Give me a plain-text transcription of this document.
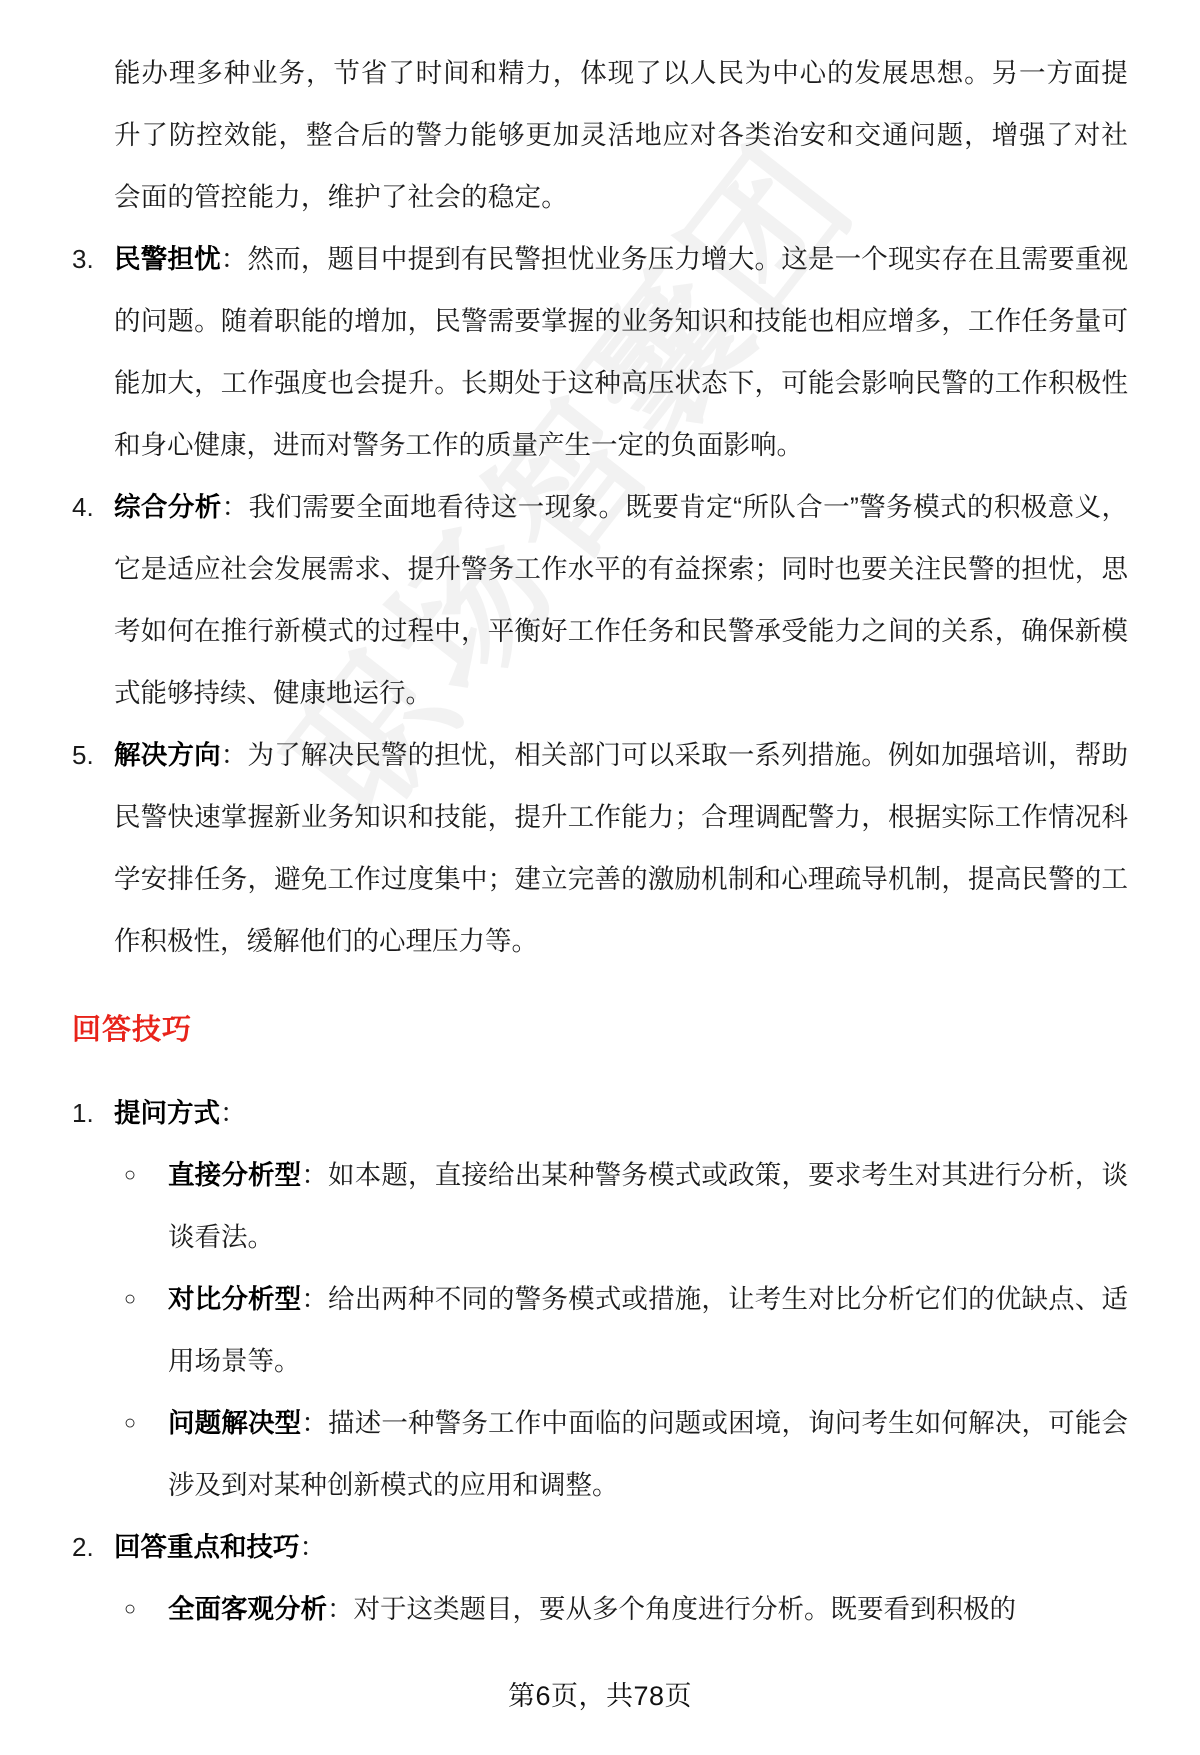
能办理多种业务，节省了时间和精力，体现了以人民为中心的发展思想。另一方面提升了防控效能，整合后的警力能够更加灵活地应对各类治安和交通问题，增强了对社会面的管控能力，维护了社会的稳定。

3. 民警担忧：然而，题目中提到有民警担忧业务压力增大。这是一个现实存在且需要重视的问题。随着职能的增加，民警需要掌握的业务知识和技能也相应增多，工作任务量可能加大，工作强度也会提升。长期处于这种高压状态下，可能会影响民警的工作积极性和身心健康，进而对警务工作的质量产生一定的负面影响。
4. 综合分析：我们需要全面地看待这一现象。既要肯定“所队合一”警务模式的积极意义，它是适应社会发展需求、提升警务工作水平的有益探索；同时也要关注民警的担忧，思考如何在推行新模式的过程中，平衡好工作任务和民警承受能力之间的关系，确保新模式能够持续、健康地运行。
5. 解决方向：为了解决民警的担忧，相关部门可以采取一系列措施。例如加强培训，帮助民警快速掌握新业务知识和技能，提升工作能力；合理调配警力，根据实际工作情况科学安排任务，避免工作过度集中；建立完善的激励机制和心理疏导机制，提高民警的工作积极性，缓解他们的心理压力等。
回答技巧
1. 提问方式：
○ 直接分析型：如本题，直接给出某种警务模式或政策，要求考生对其进行分析，谈谈看法。
○ 对比分析型：给出两种不同的警务模式或措施，让考生对比分析它们的优缺点、适用场景等。
○ 问题解决型：描述一种警务工作中面临的问题或困境，询问考生如何解决，可能会涉及到对某种创新模式的应用和调整。
2. 回答重点和技巧：
○ 全面客观分析：对于这类题目，要从多个角度进行分析。既要看到积极的
第6页，共78页
